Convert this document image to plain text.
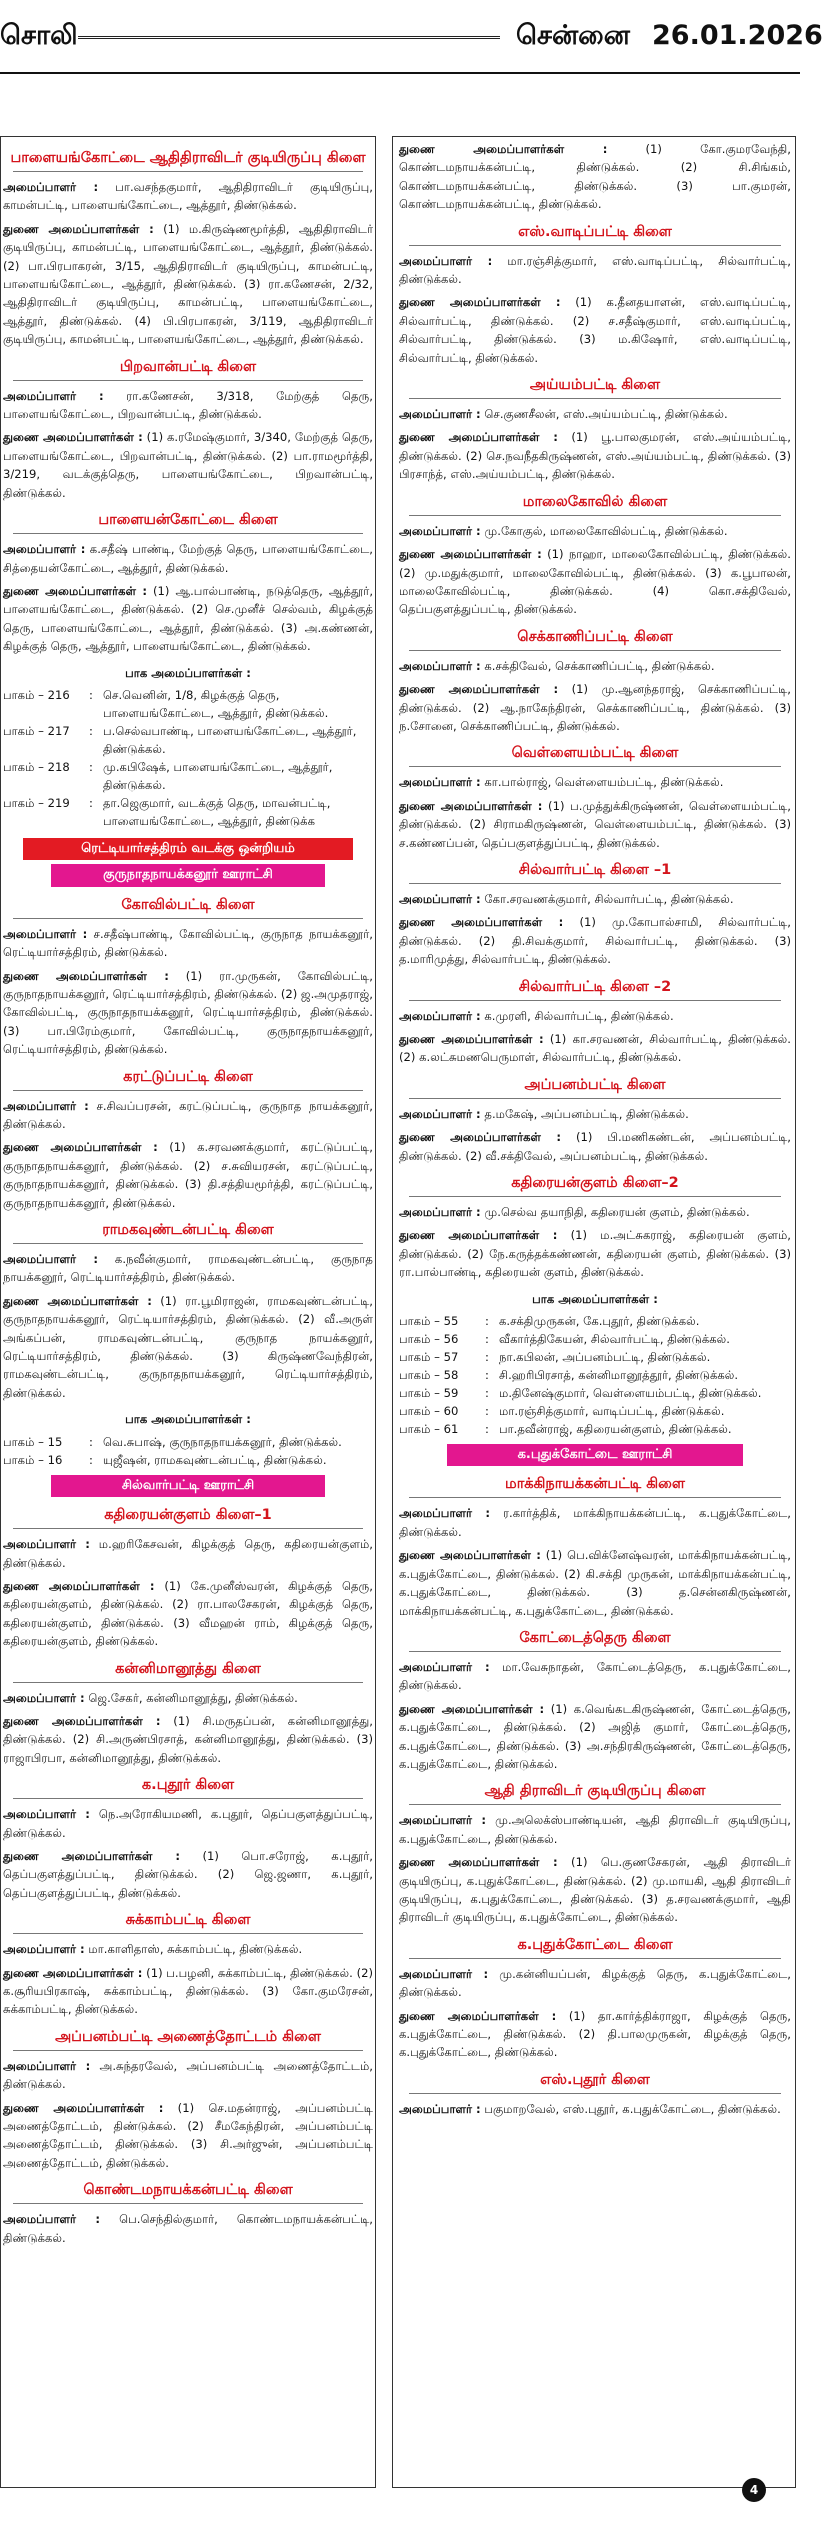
சொலி	சென்னை 26.01.2026
பாளையங்கோட்டை ஆதிதிராவிடர் குடியிருப்பு கிளை

அமைப்பாளர் : பா.வசந்தகுமார், ஆதிதிராவிடர் குடியிருப்பு, காமன்பட்டி, பாளையங்கோட்டை, ஆத்தூர், திண்டுக்கல்.

துணை அமைப்பாளர்கள் : (1) ம.கிருஷ்ணமூர்த்தி, ஆதிதிராவிடர் குடியிருப்பு, காமன்பட்டி, பாளையங்கோட்டை, ஆத்தூர், திண்டுக்கல். (2) பா.பிரபாகரன், 3/15, ஆதிதிராவிடர் குடியிருப்பு, காமன்பட்டி, பாளையங்கோட்டை, ஆத்தூர், திண்டுக்கல். (3) ரா.கணேசன், 2/32, ஆதிதிராவிடர் குடியிருப்பு, காமன்பட்டி, பாளையங்கோட்டை, ஆத்தூர், திண்டுக்கல். (4) பி.பிரபாகரன், 3/119, ஆதிதிராவிடர் குடியிருப்பு, காமன்பட்டி, பாளையங்கோட்டை, ஆத்தூர், திண்டுக்கல்.

பிறவான்பட்டி கிளை

அமைப்பாளர் : ரா.கணேசன், 3/318, மேற்குத் தெரு, பாளையங்கோட்டை, பிறவான்பட்டி, திண்டுக்கல்.

துணை அமைப்பாளர்கள் : (1) க.ரமேஷ்குமார், 3/340, மேற்குத் தெரு, பாளையங்கோட்டை, பிறவான்பட்டி, திண்டுக்கல். (2) பா.ராமமூர்த்தி, 3/219, வடக்குத்தெரு, பாளையங்கோட்டை, பிறவான்பட்டி, திண்டுக்கல்.

பாளையன்கோட்டை கிளை

அமைப்பாளர் : க.சதீஷ் பாண்டி, மேற்குத் தெரு, பாளையங்கோட்டை, சித்தையன்கோட்டை, ஆத்தூர், திண்டுக்கல்.

துணை அமைப்பாளர்கள் : (1) ஆ.பால்பாண்டி, நடுத்தெரு, ஆத்தூர், பாளையங்கோட்டை, திண்டுக்கல். (2) செ.முனீச் செல்வம், கிழக்குத் தெரு, பாளையங்கோட்டை, ஆத்தூர், திண்டுக்கல். (3) அ.கண்ணன், கிழக்குத் தெரு, ஆத்தூர், பாளையங்கோட்டை, திண்டுக்கல்.

பாக அமைப்பாளர்கள் :
பாகம் – 216	:	செ.வெனின், 1/8, கிழக்குத் தெரு, பாளையங்கோட்டை, ஆத்தூர், திண்டுக்கல்.
பாகம் – 217	:	ப.செல்வபாண்டி, பாளையங்கோட்டை, ஆத்தூர், திண்டுக்கல்.
பாகம் – 218	:	மு.கபிஷேக், பாளையங்கோட்டை, ஆத்தூர், திண்டுக்கல்.
பாகம் – 219	:	தா.ஜெகுமார், வடக்குத் தெரு, மாவன்பட்டி, பாளையங்கோட்டை, ஆத்தூர், திண்டுக்க
ரெட்டியார்சத்திரம் வடக்கு ஒன்றியம்
குருநாதநாயக்கனூர் ஊராட்சி
கோவில்பட்டி கிளை

அமைப்பாளர் : ச.சதீஷ்பாண்டி, கோவில்பட்டி, குருநாத நாயக்கனூர், ரெட்டியார்சத்திரம், திண்டுக்கல்.

துணை அமைப்பாளர்கள் : (1) ரா.முருகன், கோவில்பட்டி, குருநாதநாயக்கனூர், ரெட்டியார்சத்திரம், திண்டுக்கல். (2) ஜ.அமுதராஜ், கோவில்பட்டி, குருநாதநாயக்கனூர், ரெட்டியார்சத்திரம், திண்டுக்கல். (3) பா.பிரேம்குமார், கோவில்பட்டி, குருநாதநாயக்கனூர், ரெட்டியார்சத்திரம், திண்டுக்கல்.

கரட்டுப்பட்டி கிளை

அமைப்பாளர் : ச.சிவப்பரசன், கரட்டுப்பட்டி, குருநாத நாயக்கனூர், திண்டுக்கல்.

துணை அமைப்பாளர்கள் : (1) க.சரவணக்குமார், கரட்டுப்பட்டி, குருநாதநாயக்கனூர், திண்டுக்கல். (2) ச.சுவியரசன், கரட்டுப்பட்டி, குருநாதநாயக்கனூர், திண்டுக்கல். (3) தி.சத்தியமூர்த்தி, கரட்டுப்பட்டி, குருநாதநாயக்கனூர், திண்டுக்கல்.

ராமகவுண்டன்பட்டி கிளை

அமைப்பாளர் : க.நவீன்குமார், ராமகவுண்டன்பட்டி, குருநாத நாயக்கனூர், ரெட்டியார்சத்திரம், திண்டுக்கல்.

துணை அமைப்பாளர்கள் : (1) ரா.பூமிராஜன், ராமகவுண்டன்பட்டி, குருநாதநாயக்கனூர், ரெட்டியார்சத்திரம், திண்டுக்கல். (2) வீ.அருள் அங்கப்பன், ராமகவுண்டன்பட்டி, குருநாத நாயக்கனூர், ரெட்டியார்சத்திரம், திண்டுக்கல். (3) கிருஷ்ணவேந்திரன், ராமகவுண்டன்பட்டி, குருநாதநாயக்கனூர், ரெட்டியார்சத்திரம், திண்டுக்கல்.

பாக அமைப்பாளர்கள் :
பாகம் – 15	:	வெ.சுபாஷ், குருநாதநாயக்கனூர், திண்டுக்கல்.
பாகம் – 16	:	யுஜீஷன், ராமகவுண்டன்பட்டி, திண்டுக்கல்.
சில்வார்பட்டி ஊராட்சி
கதிரையன்குளம் கிளை–1

அமைப்பாளர் : ம.ஹரிகேசவன், கிழக்குத் தெரு, கதிரையன்குளம், திண்டுக்கல்.

துணை அமைப்பாளர்கள் : (1) கே.முனீஸ்வரன், கிழக்குத் தெரு, கதிரையன்குளம், திண்டுக்கல். (2) ரா.பாலசேகரன், கிழக்குத் தெரு, கதிரையன்குளம், திண்டுக்கல். (3) வீமஹன் ராம், கிழக்குத் தெரு, கதிரையன்குளம், திண்டுக்கல்.

கன்னிமானூத்து கிளை

அமைப்பாளர் : ஜெ.சேகர், கன்னிமானூத்து, திண்டுக்கல்.

துணை அமைப்பாளர்கள் : (1) சி.மருதப்பன், கன்னிமானூத்து, திண்டுக்கல். (2) சி.அருண்பிரசாத், கன்னிமானூத்து, திண்டுக்கல். (3) ராஜாபிரபா, கன்னிமானூத்து, திண்டுக்கல்.

க.புதூர் கிளை

அமைப்பாளர் : நெ.அரோகியமணி, க.புதூர், தெப்பகுளத்துப்பட்டி, திண்டுக்கல்.

துணை அமைப்பாளர்கள் : (1) பொ.சரோஜ், க.புதூர், தெப்பகுளத்துப்பட்டி, திண்டுக்கல். (2) ஜெ.ஜணா, க.புதூர், தெப்பகுளத்துப்பட்டி, திண்டுக்கல்.

சுக்காம்பட்டி கிளை

அமைப்பாளர் : மா.காளிதாஸ், சுக்காம்பட்டி, திண்டுக்கல்.

துணை அமைப்பாளர்கள் : (1) ப.பழனி, சுக்காம்பட்டி, திண்டுக்கல். (2) க.சூரியபிரகாஷ், சுக்காம்பட்டி, திண்டுக்கல். (3) கோ.குமரேசன், சுக்காம்பட்டி, திண்டுக்கல்.

அப்பனம்பட்டி அணைத்தோட்டம் கிளை

அமைப்பாளர் : அ.சுந்தரவேல், அப்பனம்பட்டி அணைத்தோட்டம், திண்டுக்கல்.

துணை அமைப்பாளர்கள் : (1) செ.மதன்ராஜ், அப்பனம்பட்டி அணைத்தோட்டம், திண்டுக்கல். (2) சீமகேந்திரன், அப்பனம்பட்டி அணைத்தோட்டம், திண்டுக்கல். (3) சி.அர்ஜுன், அப்பனம்பட்டி அணைத்தோட்டம், திண்டுக்கல்.

கொண்டமநாயக்கன்பட்டி கிளை

அமைப்பாளர் : பெ.செந்தில்குமார், கொண்டமநாயக்கன்பட்டி, திண்டுக்கல்.

துணை அமைப்பாளர்கள் : (1) கோ.குமரவேந்தி, கொண்டமநாயக்கன்பட்டி, திண்டுக்கல். (2) சி.சிங்கம், கொண்டமநாயக்கன்பட்டி, திண்டுக்கல். (3) பா.குமரன், கொண்டமநாயக்கன்பட்டி, திண்டுக்கல்.

எஸ்.வாடிப்பட்டி கிளை

அமைப்பாளர் : மா.ரஞ்சித்குமார், எஸ்.வாடிப்பட்டி, சில்வார்பட்டி, திண்டுக்கல்.

துணை அமைப்பாளர்கள் : (1) க.தீனதயாளன், எஸ்.வாடிப்பட்டி, சில்வார்பட்டி, திண்டுக்கல். (2) ச.சதீஷ்குமார், எஸ்.வாடிப்பட்டி, சில்வார்பட்டி, திண்டுக்கல். (3) ம.கிஷோர், எஸ்.வாடிப்பட்டி, சில்வார்பட்டி, திண்டுக்கல்.

அய்யம்பட்டி கிளை

அமைப்பாளர் : செ.குணசீலன், எஸ்.அய்யம்பட்டி, திண்டுக்கல்.

துணை அமைப்பாளர்கள் : (1) பூ.பாலகுமரன், எஸ்.அய்யம்பட்டி, திண்டுக்கல். (2) செ.நவநீதகிருஷ்ணன், எஸ்.அய்யம்பட்டி, திண்டுக்கல். (3) பிரசாந்த், எஸ்.அய்யம்பட்டி, திண்டுக்கல்.

மாலைகோவில் கிளை

அமைப்பாளர் : மு.கோகுல், மாலைகோவில்பட்டி, திண்டுக்கல்.

துணை அமைப்பாளர்கள் : (1) நாஹா, மாலைகோவில்பட்டி, திண்டுக்கல். (2) மு.மதுக்குமார், மாலைகோவில்பட்டி, திண்டுக்கல். (3) க.பூபாலன், மாலைகோவில்பட்டி, திண்டுக்கல். (4) கொ.சக்திவேல், தெப்பகுளத்துப்பட்டி, திண்டுக்கல்.

செக்காணிப்பட்டி கிளை

அமைப்பாளர் : க.சக்திவேல், செக்காணிப்பட்டி, திண்டுக்கல்.

துணை அமைப்பாளர்கள் : (1) மு.ஆனந்தராஜ், செக்காணிப்பட்டி, திண்டுக்கல். (2) ஆ.நாகேந்திரன், செக்காணிப்பட்டி, திண்டுக்கல். (3) ந.சோனை, செக்காணிப்பட்டி, திண்டுக்கல்.

வெள்ளையம்பட்டி கிளை

அமைப்பாளர் : கா.பால்ராஜ், வெள்ளையம்பட்டி, திண்டுக்கல்.

துணை அமைப்பாளர்கள் : (1) ப.முத்துக்கிருஷ்ணன், வெள்ளையம்பட்டி, திண்டுக்கல். (2) சிராமகிருஷ்ணன், வெள்ளையம்பட்டி, திண்டுக்கல். (3) ச.கண்ணப்பன், தெப்பகுளத்துப்பட்டி, திண்டுக்கல்.

சில்வார்பட்டி கிளை –1

அமைப்பாளர் : கோ.சரவணக்குமார், சில்வார்பட்டி, திண்டுக்கல்.

துணை அமைப்பாளர்கள் : (1) மு.கோபால்சாமி, சில்வார்பட்டி, திண்டுக்கல். (2) தி.சிவக்குமார், சில்வார்பட்டி, திண்டுக்கல். (3) த.மாரிமுத்து, சில்வார்பட்டி, திண்டுக்கல்.

சில்வார்பட்டி கிளை –2

அமைப்பாளர் : க.முரளி, சில்வார்பட்டி, திண்டுக்கல்.

துணை அமைப்பாளர்கள் : (1) கா.சரவணன், சில்வார்பட்டி, திண்டுக்கல். (2) க.லட்சுமணபெருமாள், சில்வார்பட்டி, திண்டுக்கல்.

அப்பனம்பட்டி கிளை

அமைப்பாளர் : த.மகேஷ், அப்பனம்பட்டி, திண்டுக்கல்.

துணை அமைப்பாளர்கள் : (1) பி.மணிகண்டன், அப்பனம்பட்டி, திண்டுக்கல். (2) வீ.சக்திவேல், அப்பனம்பட்டி, திண்டுக்கல்.

கதிரையன்குளம் கிளை–2

அமைப்பாளர் : மு.செல்வ தயாநிதி, கதிரையன் குளம், திண்டுக்கல்.

துணை அமைப்பாளர்கள் : (1) ம.அட்சுகராஜ், கதிரையன் குளம், திண்டுக்கல். (2) நே.கருத்தக்கண்ணன், கதிரையன் குளம், திண்டுக்கல். (3) ரா.பால்பாண்டி, கதிரையன் குளம், திண்டுக்கல்.

பாக அமைப்பாளர்கள் :
பாகம் – 55	:	க.சக்திமுருகன், கே.புதூர், திண்டுக்கல்.
பாகம் – 56	:	வீகார்த்திகேயன், சில்வார்பட்டி, திண்டுக்கல்.
பாகம் – 57	:	நா.கபிலன், அப்பனம்பட்டி, திண்டுக்கல்.
பாகம் – 58	:	சி.ஹரிபிரசாத், கன்னிமானூத்தூர், திண்டுக்கல்.
பாகம் – 59	:	ம.தினேஷ்குமார், வெள்ளையம்பட்டி, திண்டுக்கல்.
பாகம் – 60	:	மா.ரஞ்சித்குமார், வாடிப்பட்டி, திண்டுக்கல்.
பாகம் – 61	:	பா.தவீன்ராஜ், கதிரையன்குளம், திண்டுக்கல்.
க.புதுக்கோட்டை ஊராட்சி
மாக்கிநாயக்கன்பட்டி கிளை

அமைப்பாளர் : ர.கார்த்திக், மாக்கிநாயக்கன்பட்டி, க.புதுக்கோட்டை, திண்டுக்கல்.

துணை அமைப்பாளர்கள் : (1) பெ.விக்னேஷ்வரன், மாக்கிநாயக்கன்பட்டி, க.புதுக்கோட்டை, திண்டுக்கல். (2) கி.சக்தி முருகன், மாக்கிநாயக்கன்பட்டி, க.புதுக்கோட்டை, திண்டுக்கல். (3) த.சென்னகிருஷ்ணன், மாக்கிநாயக்கன்பட்டி, க.புதுக்கோட்டை, திண்டுக்கல்.

கோட்டைத்தெரு கிளை

அமைப்பாளர் : மா.வேசுநாதன், கோட்டைத்தெரு, க.புதுக்கோட்டை, திண்டுக்கல்.

துணை அமைப்பாளர்கள் : (1) க.வெங்கடகிருஷ்ணன், கோட்டைத்தெரு, க.புதுக்கோட்டை, திண்டுக்கல். (2) அஜித் குமார், கோட்டைத்தெரு, க.புதுக்கோட்டை, திண்டுக்கல். (3) அ.சந்திரகிருஷ்ணன், கோட்டைத்தெரு, க.புதுக்கோட்டை, திண்டுக்கல்.

ஆதி திராவிடர் குடியிருப்பு கிளை

அமைப்பாளர் : மு.அலெக்ஸ்பாண்டியன், ஆதி திராவிடர் குடியிருப்பு, க.புதுக்கோட்டை, திண்டுக்கல்.

துணை அமைப்பாளர்கள் : (1) பெ.குணசேகரன், ஆதி திராவிடர் குடியிருப்பு, க.புதுக்கோட்டை, திண்டுக்கல். (2) மு.மாயகி, ஆதி திராவிடர் குடியிருப்பு, க.புதுக்கோட்டை, திண்டுக்கல். (3) த.சரவணக்குமார், ஆதி திராவிடர் குடியிருப்பு, க.புதுக்கோட்டை, திண்டுக்கல்.

க.புதுக்கோட்டை கிளை

அமைப்பாளர் : மு.கன்னியப்பன், கிழக்குத் தெரு, க.புதுக்கோட்டை, திண்டுக்கல்.

துணை அமைப்பாளர்கள் : (1) தா.கார்த்திக்ராஜா, கிழக்குத் தெரு, க.புதுக்கோட்டை, திண்டுக்கல். (2) தி.பாலமுருகன், கிழக்குத் தெரு, க.புதுக்கோட்டை, திண்டுக்கல்.

எஸ்.புதூர் கிளை

அமைப்பாளர் : பகுமாறவேல், எஸ்.புதூர், க.புதுக்கோட்டை, திண்டுக்கல்.

4
